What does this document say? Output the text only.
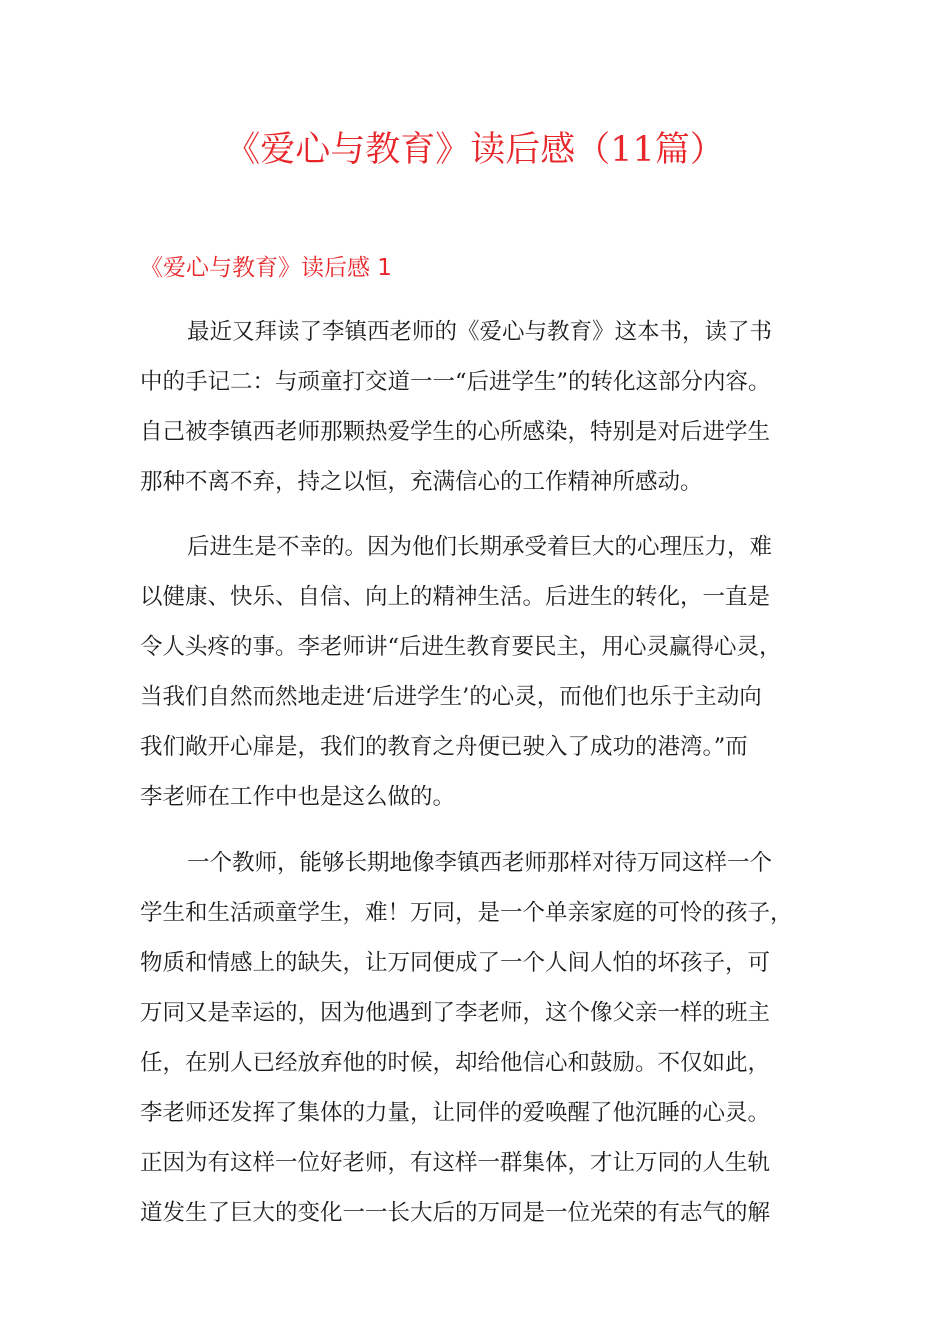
《爱心与教育》读后感（11篇）
《爱心与教育》读后感 1
最近又拜读了李镇西老师的《爱心与教育》这本书，读了书
中的手记二：与顽童打交道一一“后进学生”的转化这部分内容。
自己被李镇西老师那颗热爱学生的心所感染，特别是对后进学生
那种不离不弃，持之以恒，充满信心的工作精神所感动。
后进生是不幸的。因为他们长期承受着巨大的心理压力，难
以健康、快乐、自信、向上的精神生活。后进生的转化，一直是
令人头疼的事。李老师讲“后进生教育要民主，用心灵赢得心灵，
当我们自然而然地走进‘后进学生’的心灵，而他们也乐于主动向
我们敞开心扉是，我们的教育之舟便已驶入了成功的港湾。”而
李老师在工作中也是这么做的。
一个教师，能够长期地像李镇西老师那样对待万同这样一个
学生和生活顽童学生，难！万同，是一个单亲家庭的可怜的孩子，
物质和情感上的缺失，让万同便成了一个人间人怕的坏孩子，可
万同又是幸运的，因为他遇到了李老师，这个像父亲一样的班主
任，在别人已经放弃他的时候，却给他信心和鼓励。不仅如此，
李老师还发挥了集体的力量，让同伴的爱唤醒了他沉睡的心灵。
正因为有这样一位好老师，有这样一群集体，才让万同的人生轨
道发生了巨大的变化一一长大后的万同是一位光荣的有志气的解
